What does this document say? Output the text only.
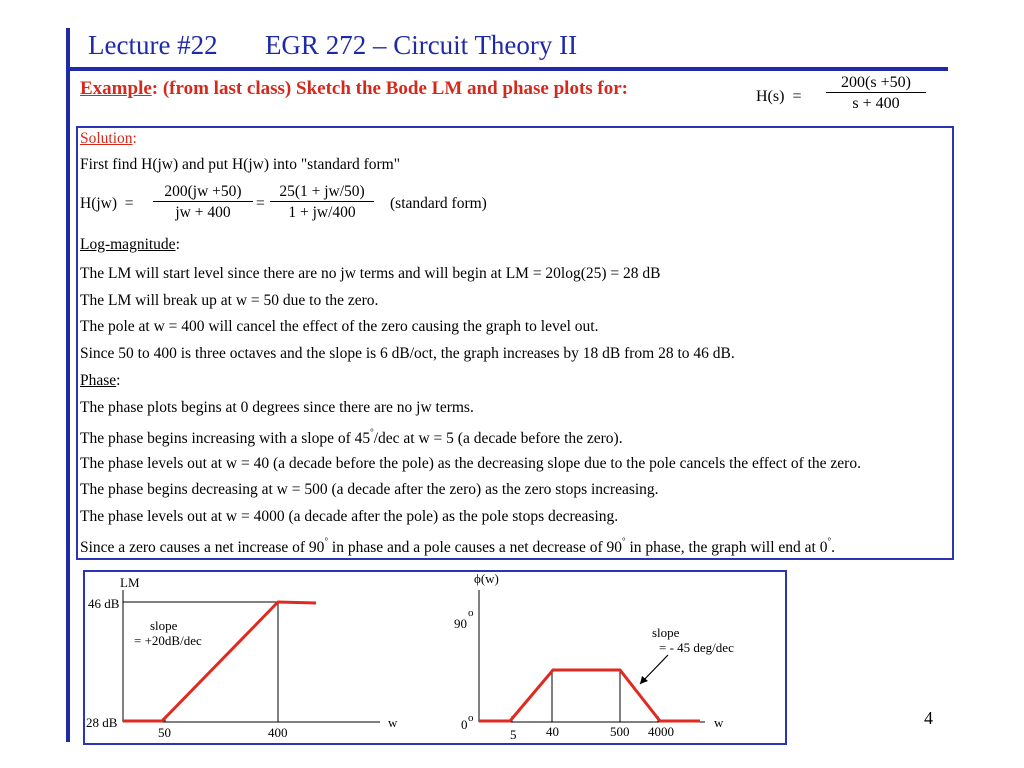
Lecture #22 EGR 272 – Circuit Theory II
Example: (from last class) Sketch the Bode LM and phase plots for:	$H(s) = \frac{200(s +50)}{s + 400}$
Solution:
First find H(jw) and put H(jw) into "standard form"
$H(jw) = \frac{200(jw +50)}{jw + 400} = \frac{25(1 + jw/50)}{1 + jw/400}$ (standard form)
Log-magnitude:
The LM will start level since there are no jw terms and will begin at LM = 20log(25) = 28 dB
The LM will break up at w = 50 due to the zero.
The pole at w = 400 will cancel the effect of the zero causing the graph to level out.
Since 50 to 400 is three octaves and the slope is 6 dB/oct, the graph increases by 18 dB from 28 to 46 dB.
Phase:
The phase plots begins at 0 degrees since there are no jw terms.
The phase begins increasing with a slope of 45°/dec at w = 5 (a decade before the zero).
The phase levels out at w = 40 (a decade before the pole) as the decreasing slope due to the pole cancels the effect of the zero.
The phase begins decreasing at w = 500 (a decade after the zero) as the zero stops increasing.
The phase levels out at w = 4000 (a decade after the pole) as the pole stops decreasing.
Since a zero causes a net increase of 90° in phase and a pole causes a net decrease of 90° in phase, the graph will end at 0°.
LM
46 dB
28 dB
50	400
w
slope
= +20dB/dec
ϕ(w)
90
o
0 o
5 40	500 4000
w
slope
= - 45 deg/dec
4
